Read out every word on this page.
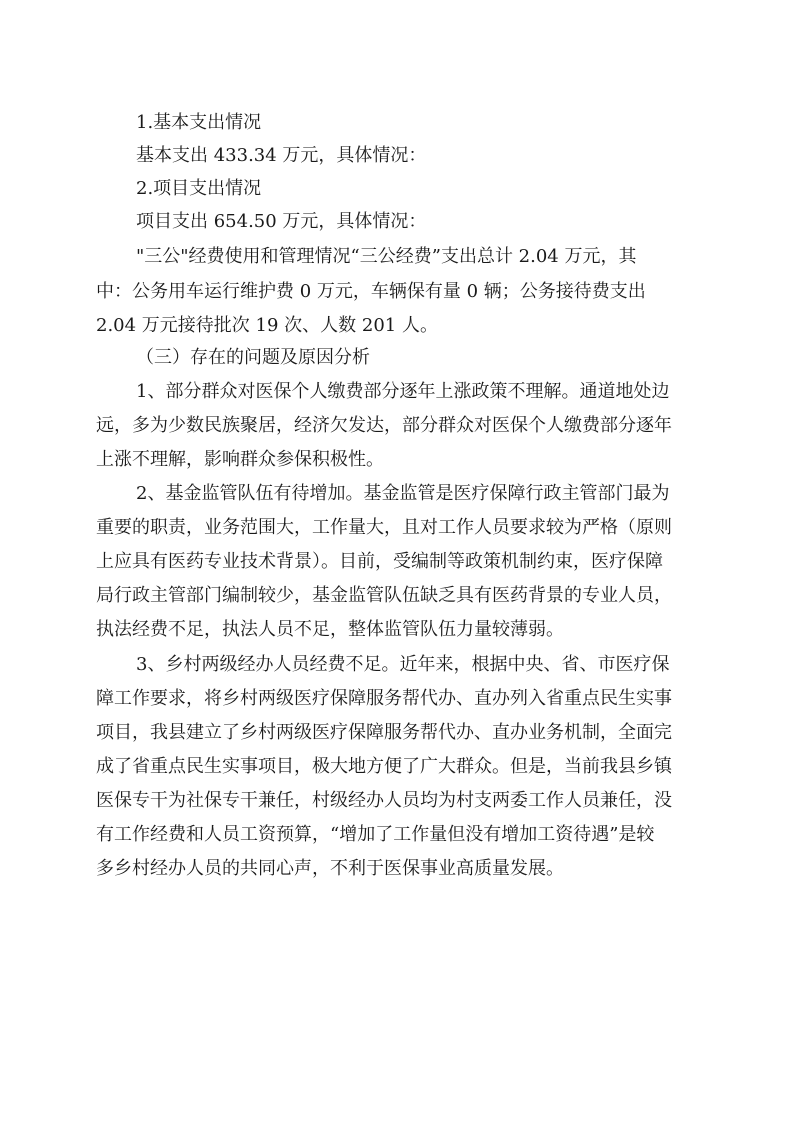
1.基本支出情况
基本支出 433.34 万元，具体情况：
2.项目支出情况
项目支出 654.50 万元，具体情况：
"三公"经费使用和管理情况“三公经费”支出总计 2.04 万元，其
中：公务用车运行维护费 0 万元，车辆保有量 0 辆；公务接待费支出
2.04 万元接待批次 19 次、人数 201 人。
（三）存在的问题及原因分析
1、部分群众对医保个人缴费部分逐年上涨政策不理解。通道地处边
远，多为少数民族聚居，经济欠发达，部分群众对医保个人缴费部分逐年
上涨不理解，影响群众参保积极性。
2、基金监管队伍有待增加。基金监管是医疗保障行政主管部门最为
重要的职责，业务范围大，工作量大，且对工作人员要求较为严格（原则
上应具有医药专业技术背景）。目前，受编制等政策机制约束，医疗保障
局行政主管部门编制较少，基金监管队伍缺乏具有医药背景的专业人员，
执法经费不足，执法人员不足，整体监管队伍力量较薄弱。
3、乡村两级经办人员经费不足。近年来，根据中央、省、市医疗保
障工作要求，将乡村两级医疗保障服务帮代办、直办列入省重点民生实事
项目，我县建立了乡村两级医疗保障服务帮代办、直办业务机制，全面完
成了省重点民生实事项目，极大地方便了广大群众。但是，当前我县乡镇
医保专干为社保专干兼任，村级经办人员均为村支两委工作人员兼任，没
有工作经费和人员工资预算，“增加了工作量但没有增加工资待遇”是较
多乡村经办人员的共同心声，不利于医保事业高质量发展。
